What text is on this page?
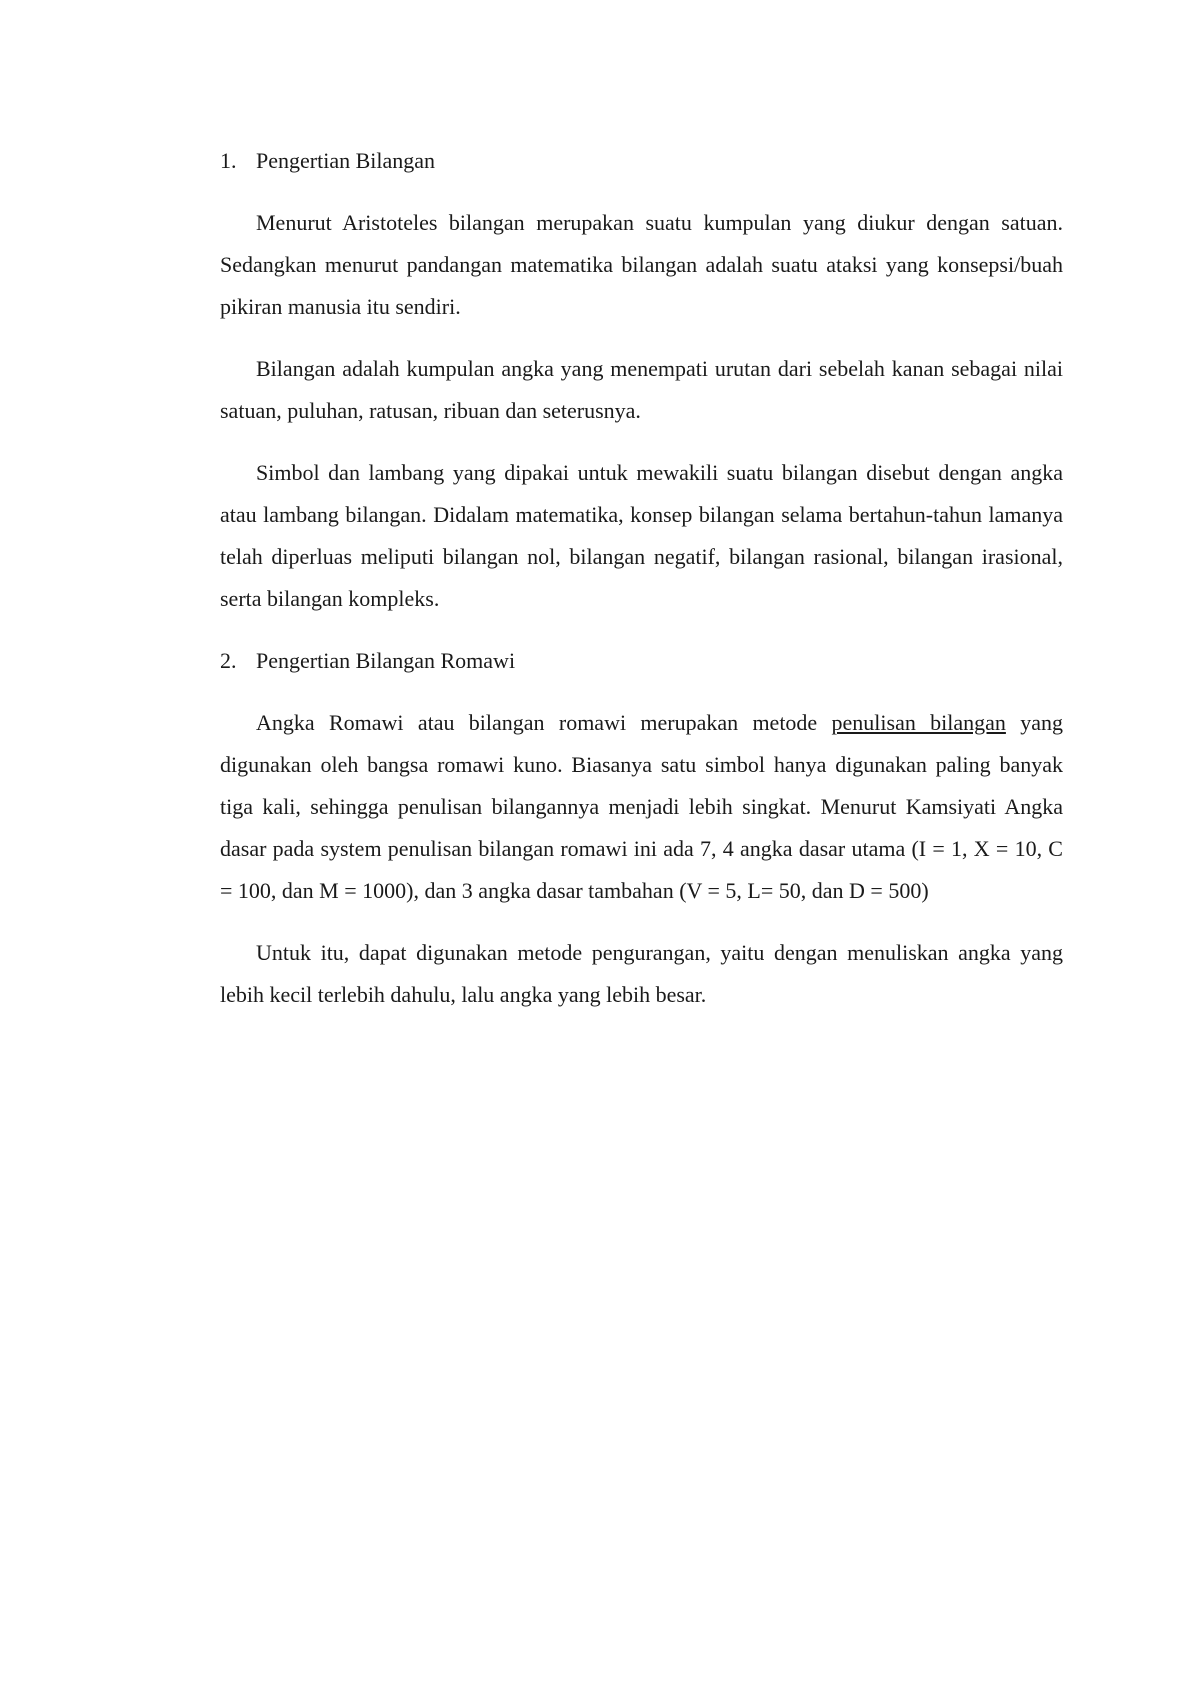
1. Pengertian Bilangan

Menurut Aristoteles bilangan merupakan suatu kumpulan yang diukur dengan satuan. Sedangkan menurut pandangan matematika bilangan adalah suatu ataksi yang konsepsi/buah pikiran manusia itu sendiri.

Bilangan adalah kumpulan angka yang menempati urutan dari sebelah kanan sebagai nilai satuan, puluhan, ratusan, ribuan dan seterusnya.

Simbol dan lambang yang dipakai untuk mewakili suatu bilangan disebut dengan angka atau lambang bilangan. Didalam matematika, konsep bilangan selama bertahun-tahun lamanya telah diperluas meliputi bilangan nol, bilangan negatif, bilangan rasional, bilangan irasional, serta bilangan kompleks.

2. Pengertian Bilangan Romawi

Angka Romawi atau bilangan romawi merupakan metode penulisan bilangan yang digunakan oleh bangsa romawi kuno. Biasanya satu simbol hanya digunakan paling banyak tiga kali, sehingga penulisan bilangannya menjadi lebih singkat. Menurut Kamsiyati Angka dasar pada system penulisan bilangan romawi ini ada 7, 4 angka dasar utama (I = 1, X = 10, C = 100, dan M = 1000), dan 3 angka dasar tambahan (V = 5, L= 50, dan D = 500)

Untuk itu, dapat digunakan metode pengurangan, yaitu dengan menuliskan angka yang lebih kecil terlebih dahulu, lalu angka yang lebih besar.
